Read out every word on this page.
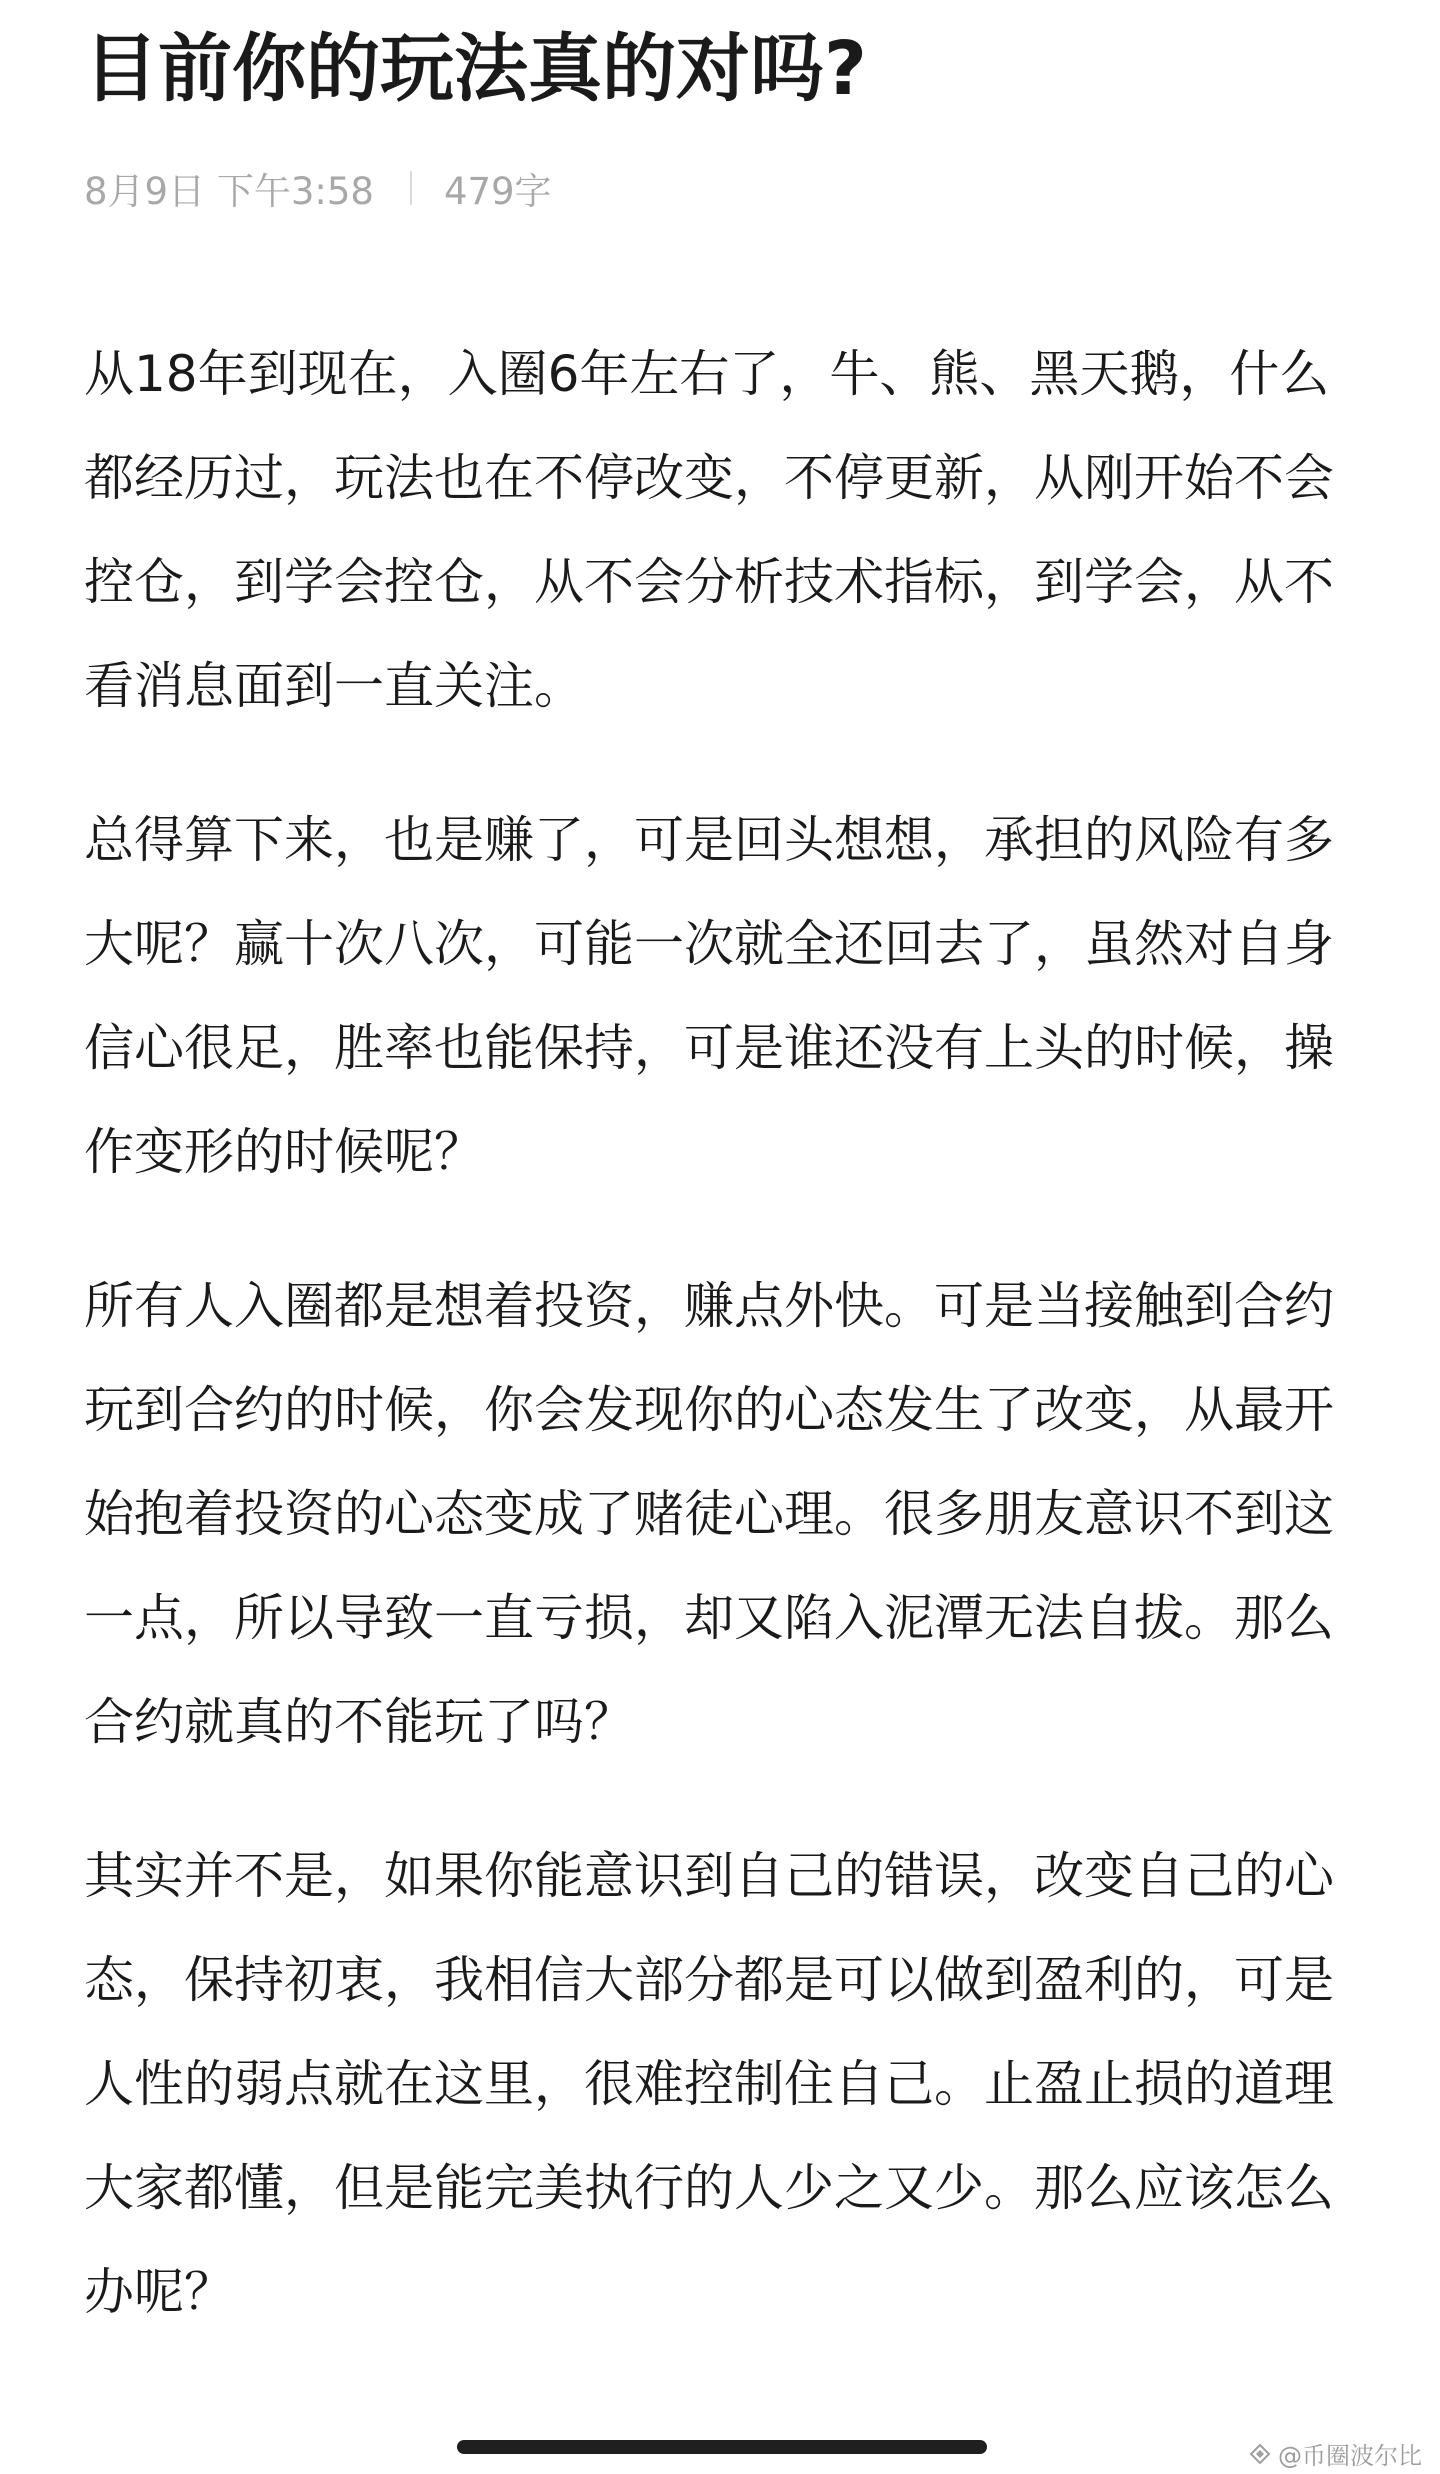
目前你的玩法真的对吗?
8月9日 下午3:58 479字

从18年到现在，入圈6年左右了，牛、熊、黑天鹅，什么都经历过，玩法也在不停改变，不停更新，从刚开始不会控仓，到学会控仓，从不会分析技术指标，到学会，从不看消息面到一直关注。

总得算下来，也是赚了，可是回头想想，承担的风险有多大呢？赢十次八次，可能一次就全还回去了，虽然对自身信心很足，胜率也能保持，可是谁还没有上头的时候，操作变形的时候呢？

所有人入圈都是想着投资，赚点外快。可是当接触到合约玩到合约的时候，你会发现你的心态发生了改变，从最开始抱着投资的心态变成了赌徒心理。很多朋友意识不到这一点，所以导致一直亏损，却又陷入泥潭无法自拔。那么合约就真的不能玩了吗？

其实并不是，如果你能意识到自己的错误，改变自己的心态，保持初衷，我相信大部分都是可以做到盈利的，可是人性的弱点就在这里，很难控制住自己。止盈止损的道理大家都懂，但是能完美执行的人少之又少。那么应该怎么办呢？

@币圈波尔比
